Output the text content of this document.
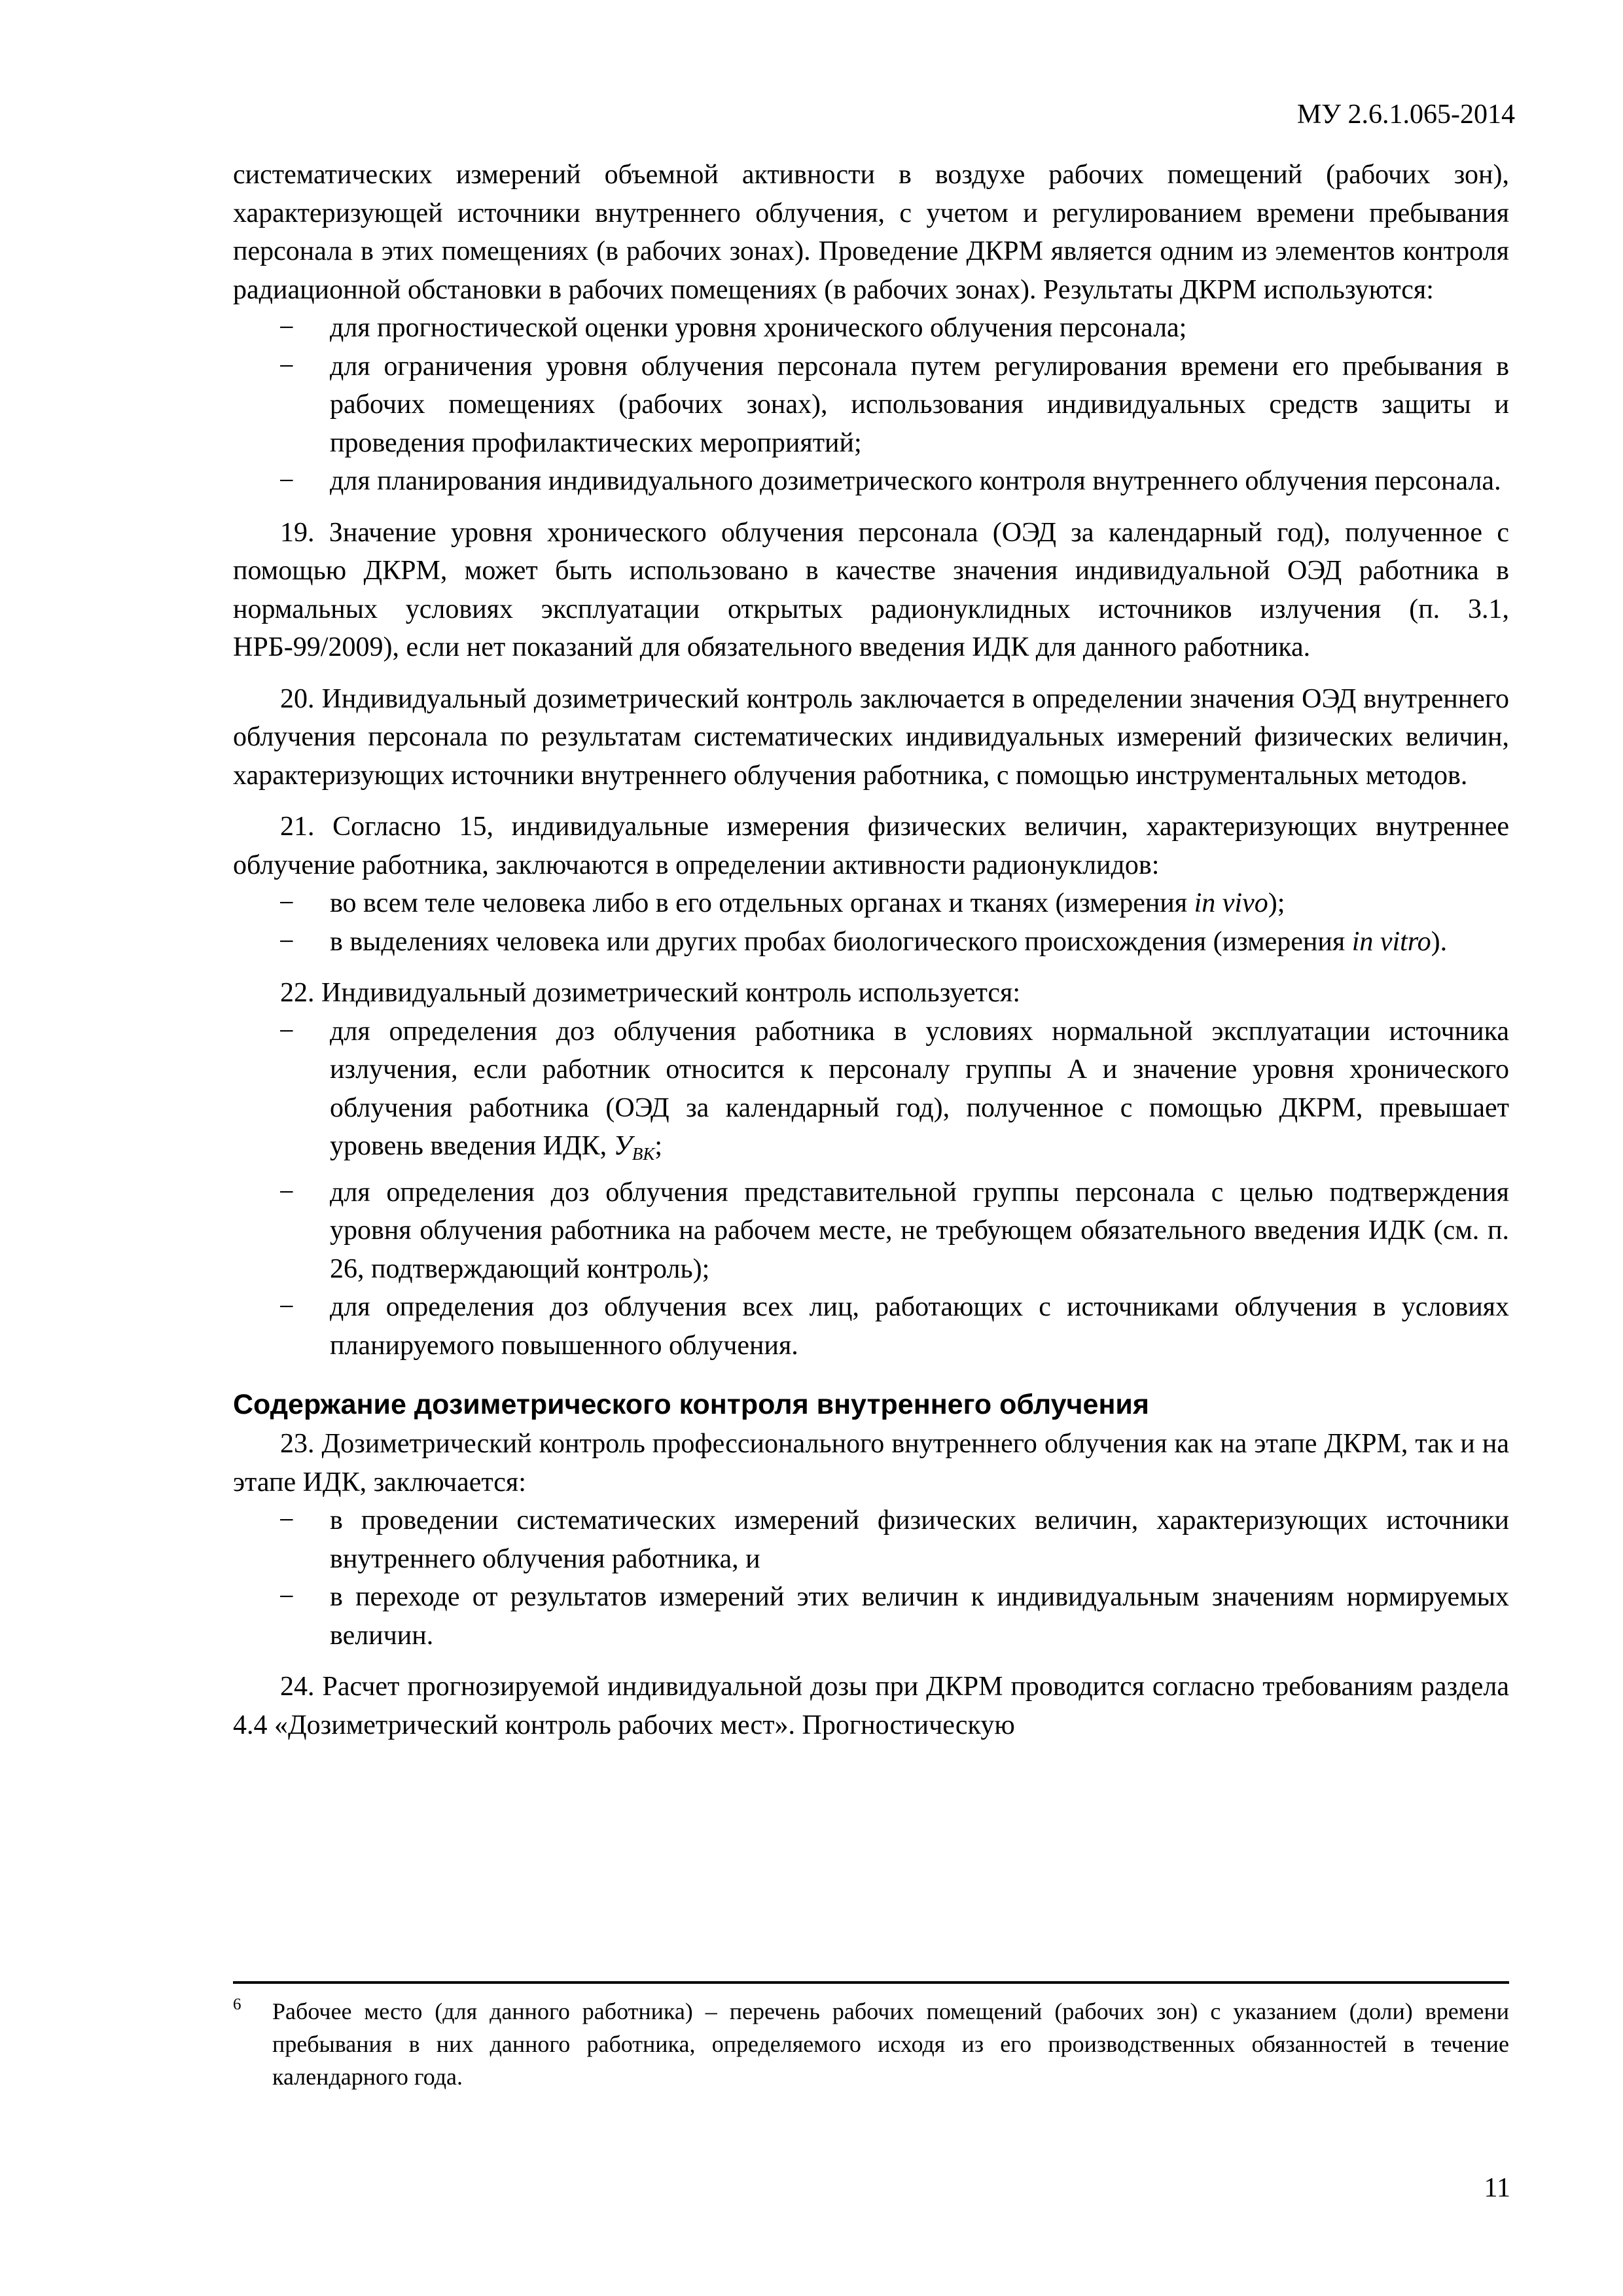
МУ 2.6.1.065-2014

систематических измерений объемной активности в воздухе рабочих помещений (рабочих зон), характеризующей источники внутреннего облучения, с учетом и регулированием времени пребывания персонала в этих помещениях (в рабочих зонах). Проведение ДКРМ является одним из элементов контроля радиационной обстановки в рабочих помещениях (в рабочих зонах). Результаты ДКРМ используются:

− для прогностической оценки уровня хронического облучения персонала;
− для ограничения уровня облучения персонала путем регулирования времени его пребывания в рабочих помещениях (рабочих зонах), использования индивидуальных средств защиты и проведения профилактических мероприятий;
− для планирования индивидуального дозиметрического контроля внутреннего облучения персонала.

19. Значение уровня хронического облучения персонала (ОЭД за календарный год), полученное с помощью ДКРМ, может быть использовано в качестве значения индивидуальной ОЭД работника в нормальных условиях эксплуатации открытых радионуклидных источников излучения (п. 3.1, НРБ-99/2009), если нет показаний для обязательного введения ИДК для данного работника.

20. Индивидуальный дозиметрический контроль заключается в определении значения ОЭД внутреннего облучения персонала по результатам систематических индивидуальных измерений физических величин, характеризующих источники внутреннего облучения работника, с помощью инструментальных методов.

21. Согласно 15, индивидуальные измерения физических величин, характеризующих внутреннее облучение работника, заключаются в определении активности радионуклидов:

− во всем теле человека либо в его отдельных органах и тканях (измерения in vivo);
− в выделениях человека или других пробах биологического происхождения (измерения in vitro).

22. Индивидуальный дозиметрический контроль используется:

− для определения доз облучения работника в условиях нормальной эксплуатации источника излучения, если работник относится к персоналу группы А и значение уровня хронического облучения работника (ОЭД за календарный год), полученное с помощью ДКРМ, превышает уровень введения ИДК, $У_{ВК}$;
− для определения доз облучения представительной группы персонала с целью подтверждения уровня облучения работника на рабочем месте, не требующем обязательного введения ИДК (см. п. 26, подтверждающий контроль);
− для определения доз облучения всех лиц, работающих с источниками облучения в условиях планируемого повышенного облучения.
Содержание дозиметрического контроля внутреннего облучения

23. Дозиметрический контроль профессионального внутреннего облучения как на этапе ДКРМ, так и на этапе ИДК, заключается:

− в проведении систематических измерений физических величин, характеризующих источники внутреннего облучения работника, и
− в переходе от результатов измерений этих величин к индивидуальным значениям нормируемых величин.

24. Расчет прогнозируемой индивидуальной дозы при ДКРМ проводится согласно требованиям раздела 4.4 «Дозиметрический контроль рабочих мест». Прогностическую

6 Рабочее место (для данного работника) – перечень рабочих помещений (рабочих зон) с указанием (доли) времени пребывания в них данного работника, определяемого исходя из его производственных обязанностей в течение календарного года.
11
